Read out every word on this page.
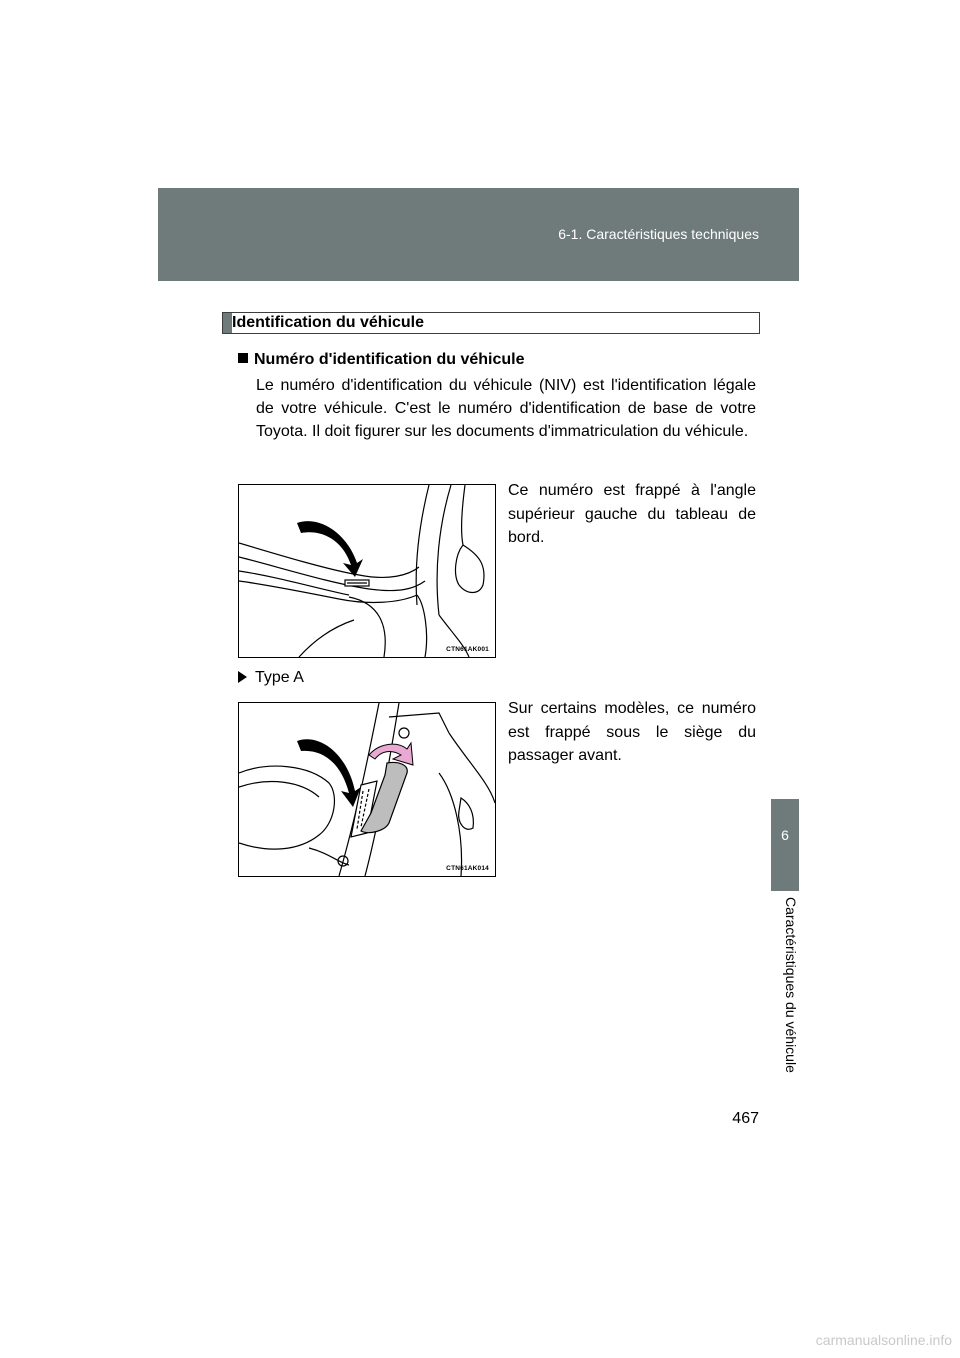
6-1. Caractéristiques techniques
6
Caractéristiques du véhicule
Identification du véhicule
Numéro d'identification du véhicule
Le numéro d'identification du véhicule (NIV) est l'identification légale de votre véhicule. C'est le numéro d'identification de base de votre Toyota. Il doit figurer sur les documents d'immatriculation du véhicule.
CTN61AK001
Ce numéro est frappé à l'angle supérieur gauche du tableau de bord.
Type A
CTN61AK014
Sur certains modèles, ce numéro est frappé sous le siège du passager avant.
467
carmanualsonline.info
